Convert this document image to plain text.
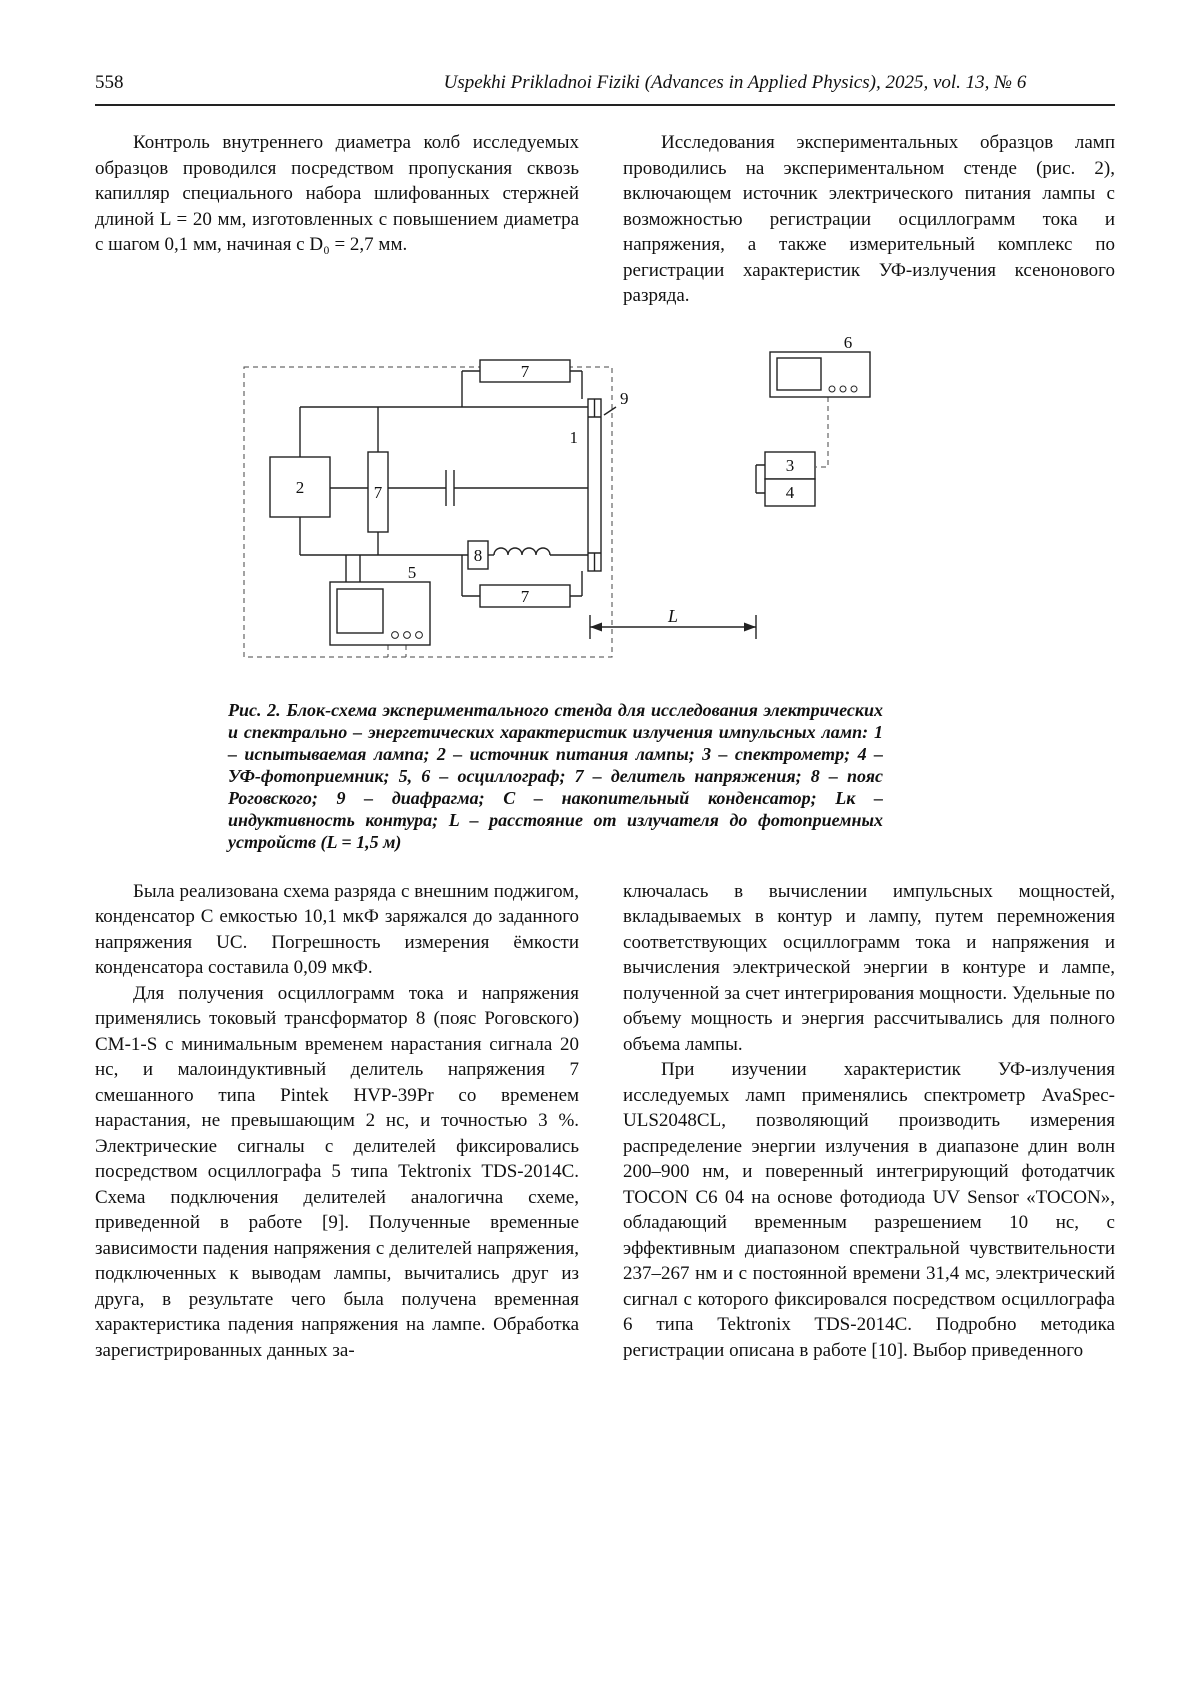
558	Uspekhi Prikladnoi Fiziki (Advances in Applied Physics), 2025, vol. 13, № 6

Контроль внутреннего диаметра колб исследуемых образцов проводился посредством пропускания сквозь капилляр специального набора шлифованных стержней длиной L = 20 мм, изготовленных с повышением диаметра с шагом 0,1 мм, начиная с D₀ = 2,7 мм.

Исследования экспериментальных образцов ламп проводились на экспериментальном стенде (рис. 2), включающем источник электрического питания лампы с возможностью регистрации осциллограмм тока и напряжения, а также измерительный комплекс по регистрации характеристик УФ-излучения ксенонового разряда.

1
2
3
4
5
6
7
7
7
8
9
L
Рис. 2. Блок-схема экспериментального стенда для исследования электрических и спектрально – энергетических характеристик излучения импульсных ламп: 1 – испытываемая лампа; 2 – источник питания лампы; 3 – спектрометр; 4 – УФ-фотоприемник; 5, 6 – осциллограф; 7 – делитель напряжения; 8 – пояс Роговского; 9 – диафрагма; С – накопительный конденсатор; Lк – индуктивность контура; L – расстояние от излучателя до фотоприемных устройств (L = 1,5 м)

Была реализована схема разряда с внешним поджигом, конденсатор С емкостью 10,1 мкФ заряжался до заданного напряжения UC. Погрешность измерения ёмкости конденсатора составила 0,09 мкФ.

Для получения осциллограмм тока и напряжения применялись токовый трансформатор 8 (пояс Роговского) СМ-1-S с минимальным временем нарастания сигнала 20 нс, и малоиндуктивный делитель напряжения 7 смешанного типа Pintek HVP-39Pr со временем нарастания, не превышающим 2 нс, и точностью 3 %. Электрические сигналы с делителей фиксировались посредством осциллографа 5 типа Tektronix TDS-2014C. Схема подключения делителей аналогична схеме, приведенной в работе [9]. Полученные временные зависимости падения напряжения с делителей напряжения, подключенных к выводам лампы, вычитались друг из друга, в результате чего была получена временная характеристика падения напряжения на лампе. Обработка зарегистрированных данных за-

ключалась в вычислении импульсных мощностей, вкладываемых в контур и лампу, путем перемножения соответствующих осциллограмм тока и напряжения и вычисления электрической энергии в контуре и лампе, полученной за счет интегрирования мощности. Удельные по объему мощность и энергия рассчитывались для полного объема лампы.

При изучении характеристик УФ-излучения исследуемых ламп применялись спектрометр AvaSpec-ULS2048CL, позволяющий производить измерения распределение энергии излучения в диапазоне длин волн 200–900 нм, и поверенный интегрирующий фотодатчик TOCON C6 04 на основе фотодиода UV Sensor «TOCON», обладающий временным разрешением 10 нс, с эффективным диапазоном спектральной чувствительности 237–267 нм и с постоянной времени 31,4 мс, электрический сигнал с которого фиксировался посредством осциллографа 6 типа Tektronix TDS-2014C. Подробно методика регистрации описана в работе [10]. Выбор приведенного
